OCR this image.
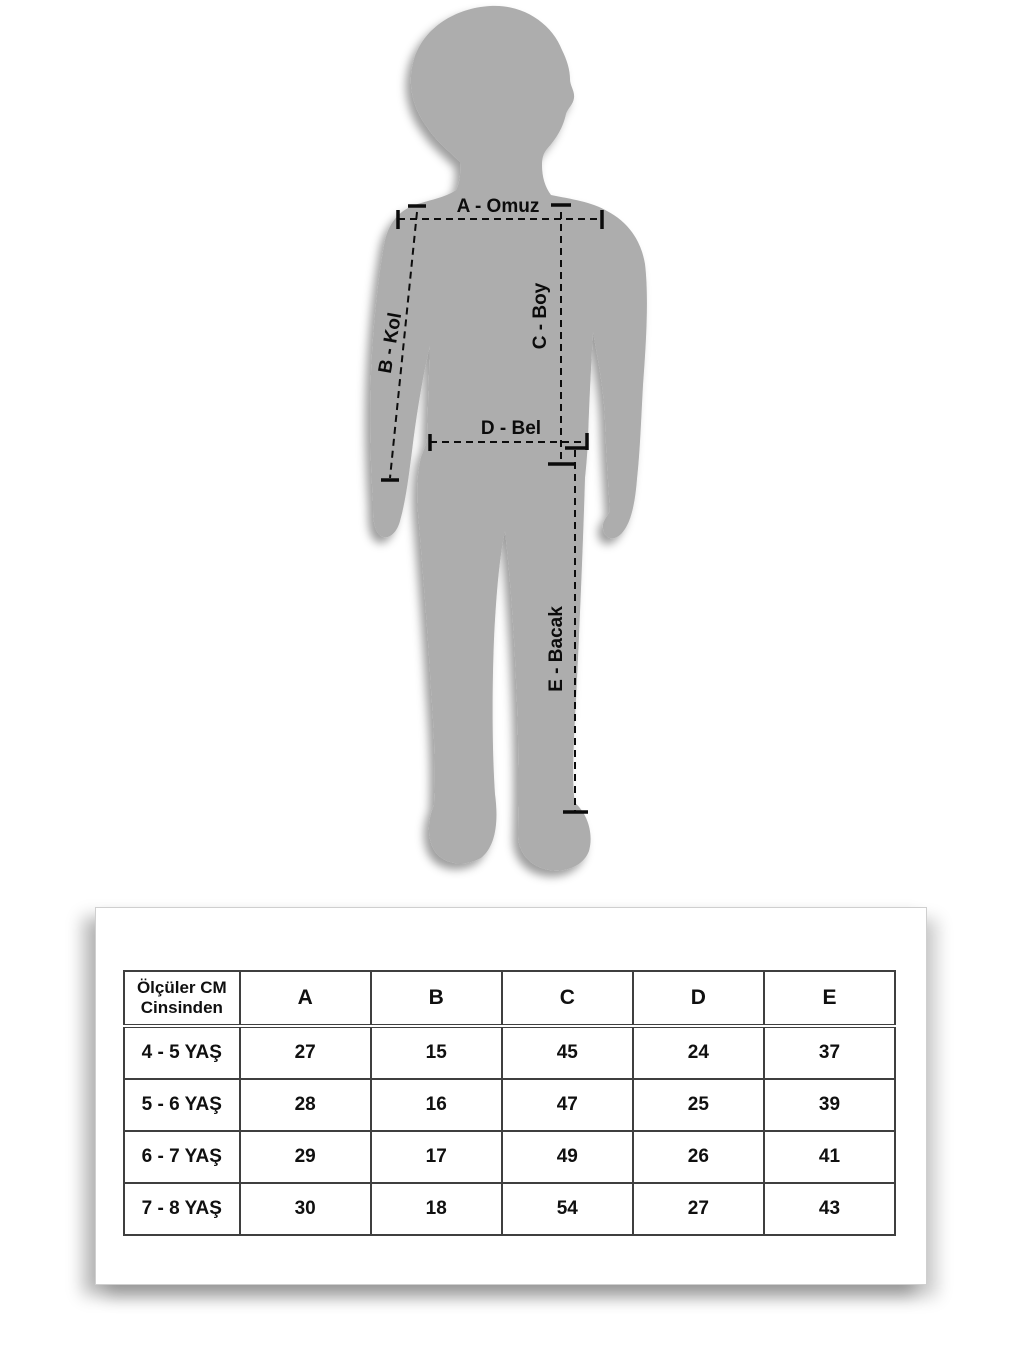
A - Omuz
B - Kol	C - Boy
D - Bel
E - Bacak
Ölçüler CM
Cinsinden	A	B	C	D	E
4 - 5 YAŞ	27	15	45	24	37
5 - 6 YAŞ	28	16	47	25	39
6 - 7 YAŞ	29	17	49	26	41
7 - 8 YAŞ	30	18	54	27	43
